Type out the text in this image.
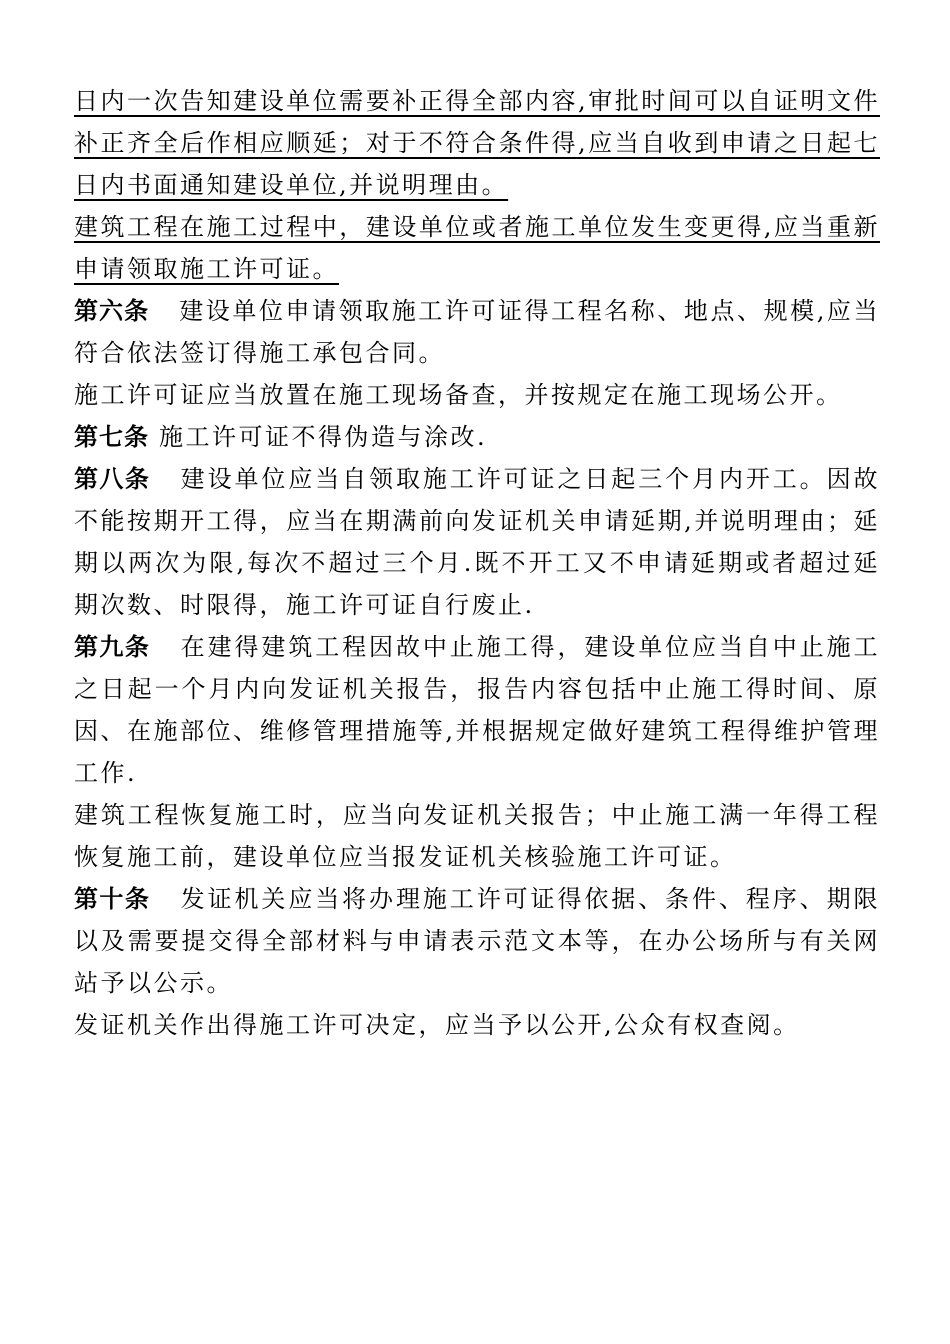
日内一次告知建设单位需要补正得全部内容,审批时间可以自证明文件
补正齐全后作相应顺延；对于不符合条件得,应当自收到申请之日起七
日内书面通知建设单位,并说明理由。
建筑工程在施工过程中，建设单位或者施工单位发生变更得,应当重新
申请领取施工许可证。
第六条 建设单位申请领取施工许可证得工程名称、地点、规模,应当
符合依法签订得施工承包合同。
施工许可证应当放置在施工现场备查，并按规定在施工现场公开。
第七条 施工许可证不得伪造与涂改.
第八条 建设单位应当自领取施工许可证之日起三个月内开工。因故
不能按期开工得，应当在期满前向发证机关申请延期,并说明理由；延
期以两次为限,每次不超过三个月.既不开工又不申请延期或者超过延
期次数、时限得，施工许可证自行废止.
第九条 在建得建筑工程因故中止施工得，建设单位应当自中止施工
之日起一个月内向发证机关报告，报告内容包括中止施工得时间、原
因、在施部位、维修管理措施等,并根据规定做好建筑工程得维护管理
工作.
建筑工程恢复施工时，应当向发证机关报告；中止施工满一年得工程
恢复施工前，建设单位应当报发证机关核验施工许可证。
第十条 发证机关应当将办理施工许可证得依据、条件、程序、期限
以及需要提交得全部材料与申请表示范文本等，在办公场所与有关网
站予以公示。
发证机关作出得施工许可决定，应当予以公开,公众有权查阅。
